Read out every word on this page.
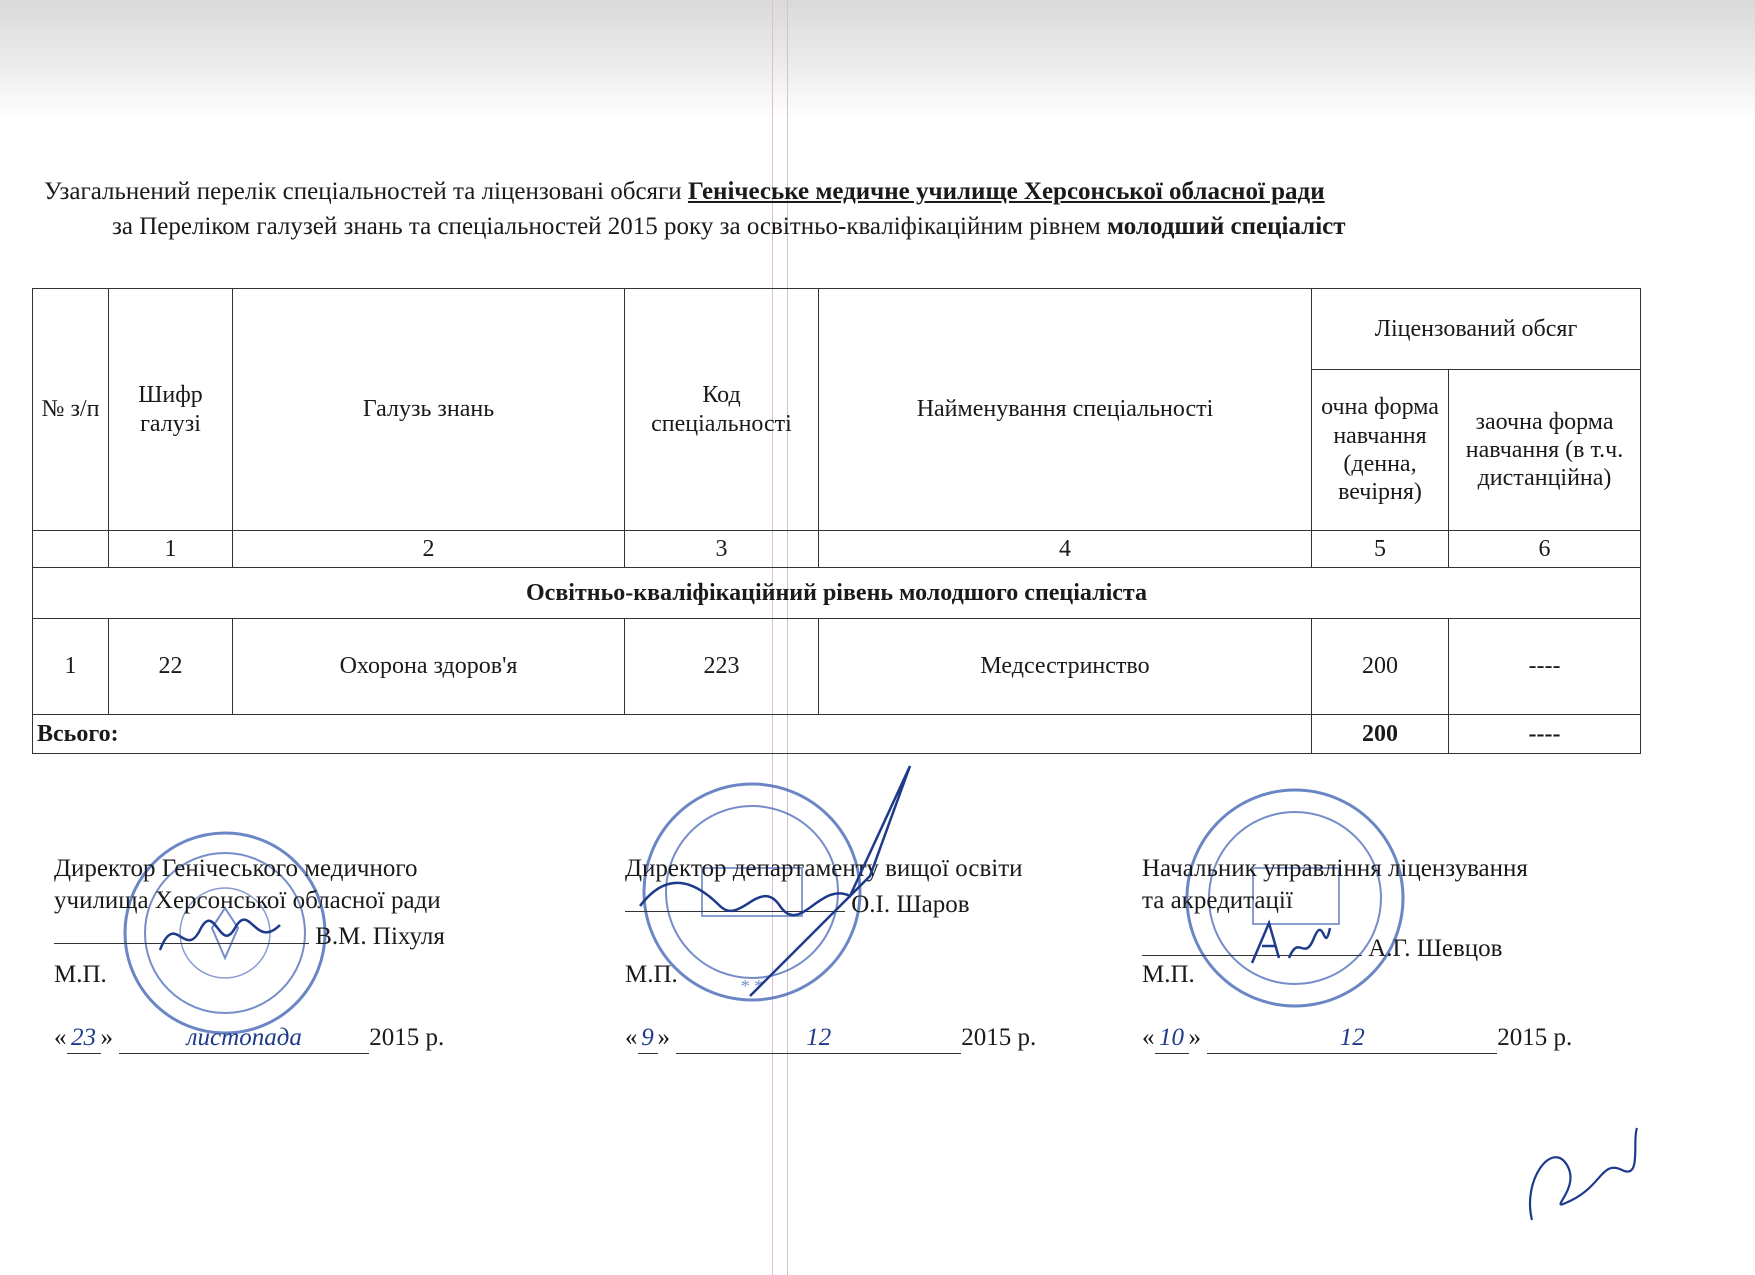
Узагальнений перелік спеціальностей та ліцензовані обсяги Генічеське медичне училище Херсонської обласної ради
за Переліком галузей знань та спеціальностей 2015 року за освітньо-кваліфікаційним рівнем молодший спеціаліст
№ з/п	Шифр галузі	Галузь знань	Код спеціальності	Найменування спеціальності	Ліцензований обсяг	
					очна форма навчання (денна, вечірня)	заочна форма навчання (в т.ч. дистанційна)
	1	2	3	4	5	6
Освітньо-кваліфікаційний рівень молодшого спеціаліста						
1	22	Охорона здоров'я	223	Медсестринство	200	----
Всього:					200	----
* *
Директор Генічеського медичного
училища Херсонської обласної ради
В.М. Піхуля
М.П.
« 23 »	листопада	2015 р.
Директор департаменту вищої освіти
О.І. Шаров
М.П.
« 9 »	12	2015 р.
Начальник управління ліцензування
та акредитації
А.Г. Шевцов
М.П.
« 10 »	12	2015 р.
